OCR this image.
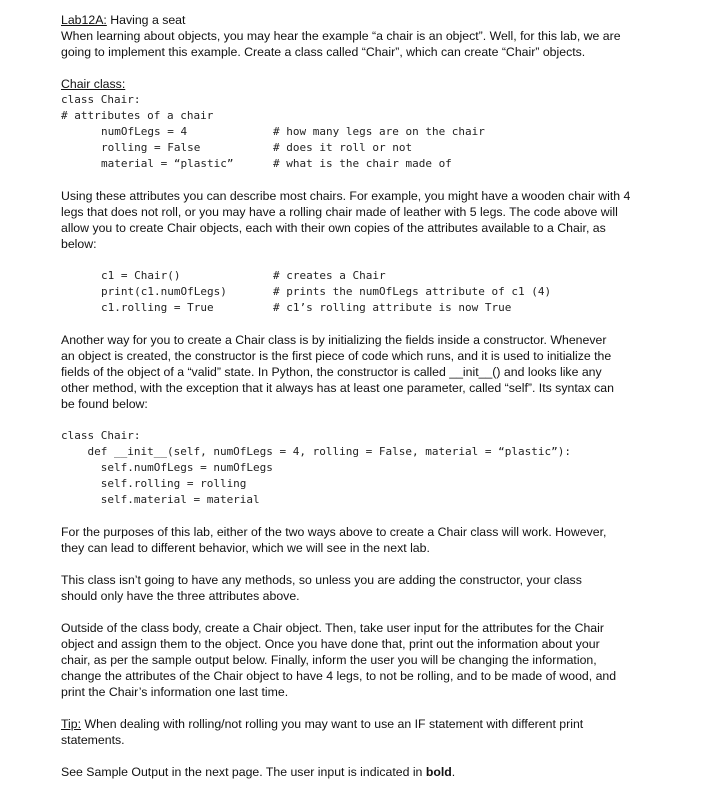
Lab12A: Having a seat

When learning about objects, you may hear the example “a chair is an object”. Well, for this lab, we are

going to implement this example. Create a class called “Chair”, which can create “Chair” objects.

Chair class:

class Chair:
# attributes of a chair
numOfLegs = 4	# how many legs are on the chair
rolling = False	# does it roll or not
material = “plastic”	# what is the chair made of

Using these attributes you can describe most chairs. For example, you might have a wooden chair with 4

legs that does not roll, or you may have a rolling chair made of leather with 5 legs. The code above will

allow you to create Chair objects, each with their own copies of the attributes available to a Chair, as

below:

c1 = Chair()	# creates a Chair
print(c1.numOfLegs)	# prints the numOfLegs attribute of c1 (4)
c1.rolling = True	# c1’s rolling attribute is now True

Another way for you to create a Chair class is by initializing the fields inside a constructor. Whenever

an object is created, the constructor is the first piece of code which runs, and it is used to initialize the

fields of the object of a “valid” state. In Python, the constructor is called __init__() and looks like any

other method, with the exception that it always has at least one parameter, called “self”. Its syntax can

be found below:

class Chair:

def __init__(self, numOfLegs = 4, rolling = False, material = “plastic”):

self.numOfLegs = numOfLegs

self.rolling = rolling

self.material = material

For the purposes of this lab, either of the two ways above to create a Chair class will work. However,

they can lead to different behavior, which we will see in the next lab.

This class isn’t going to have any methods, so unless you are adding the constructor, your class

should only have the three attributes above.

Outside of the class body, create a Chair object. Then, take user input for the attributes for the Chair

object and assign them to the object. Once you have done that, print out the information about your

chair, as per the sample output below. Finally, inform the user you will be changing the information,

change the attributes of the Chair object to have 4 legs, to not be rolling, and to be made of wood, and

print the Chair’s information one last time.

Tip: When dealing with rolling/not rolling you may want to use an IF statement with different print

statements.

See Sample Output in the next page. The user input is indicated in bold.
